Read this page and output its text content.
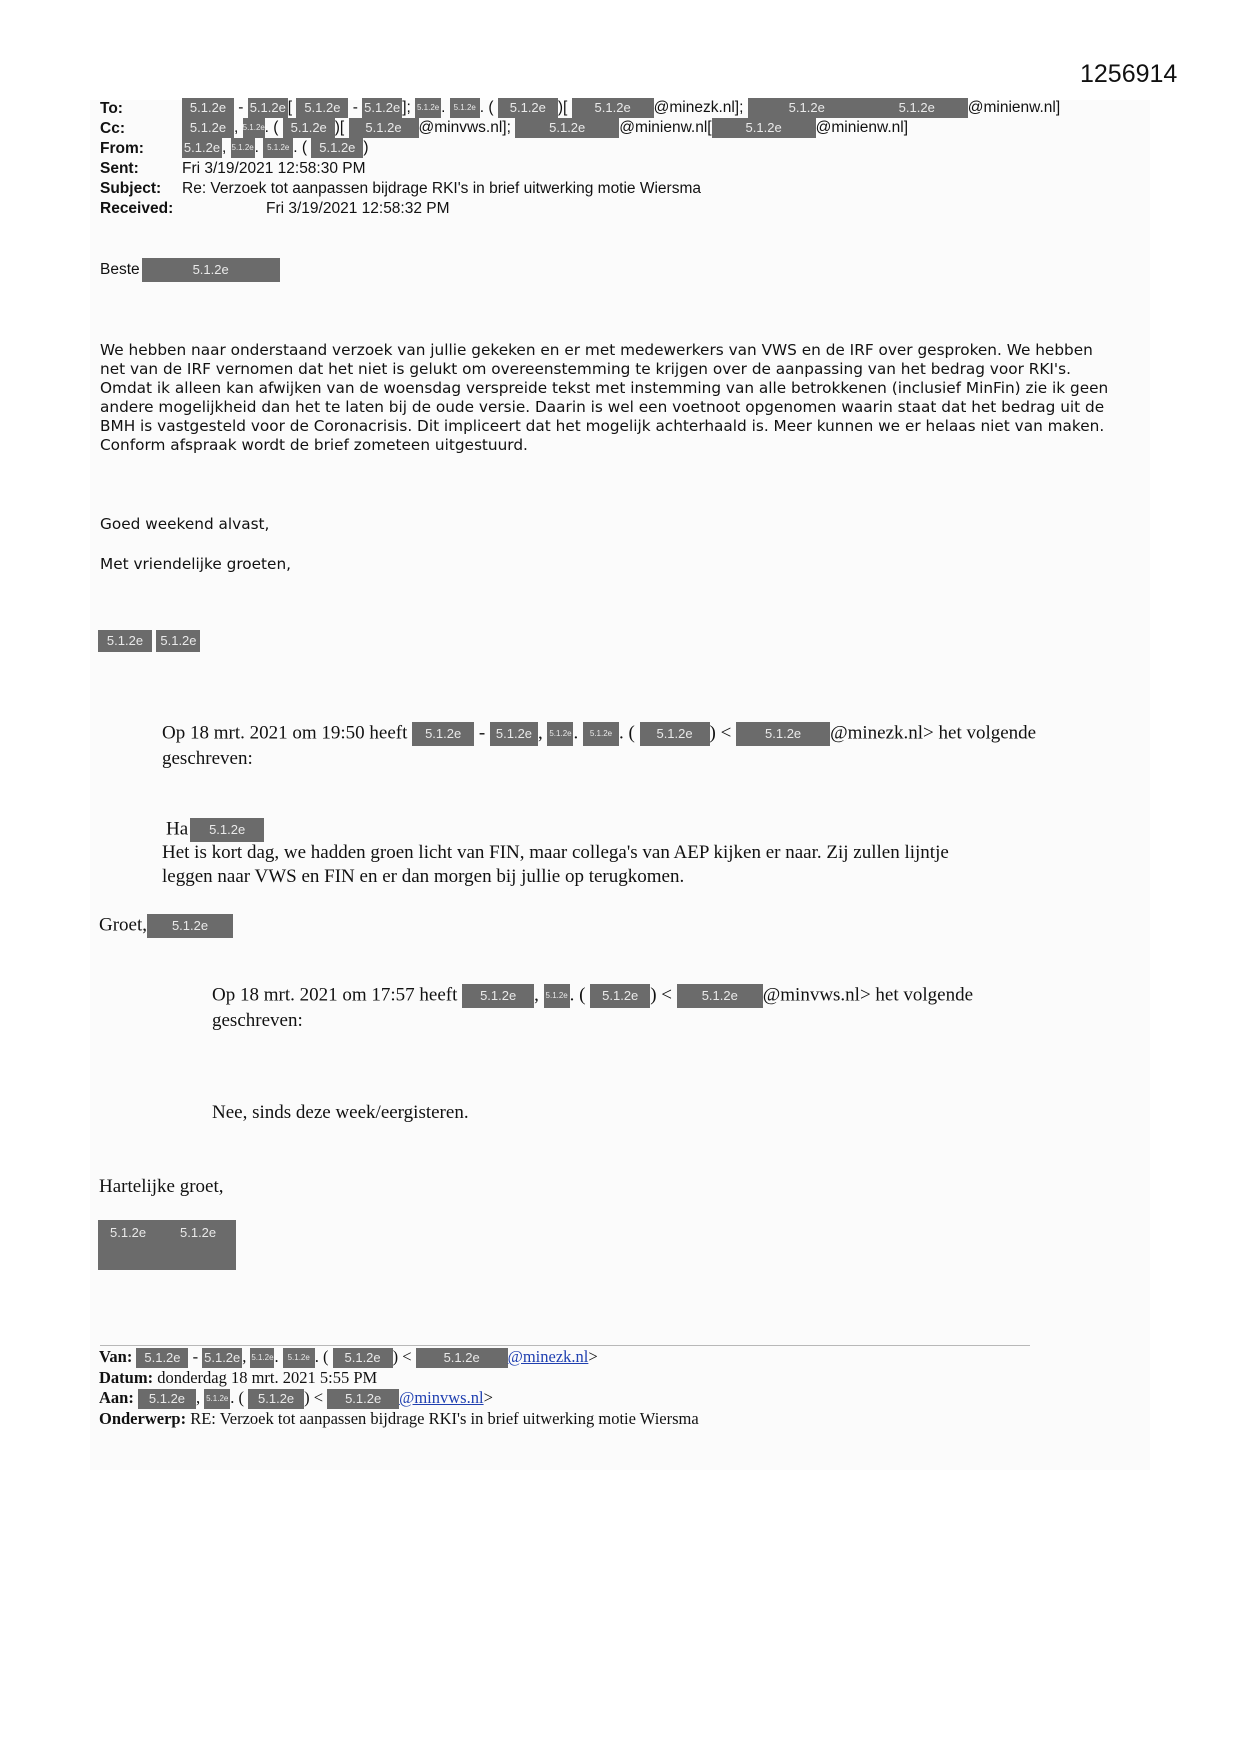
1256914
To:	5.1.2e - 5.1.2e [ 5.1.2e - 5.1.2e ]; 5.1.2e . 5.1.2e . ( 5.1.2e )[ 5.1.2e @minezk.nl];	5.1.2e	5.1.2e @minienw.nl]
Cc:	5.1.2e , 5.1.2e. ( 5.1.2e )[ 5.1.2e @minvws.nl];	5.1.2e @minienw.nl[	5.1.2e @minienw.nl]
From:	5.1.2e , 5.1.2e. 5.1.2e . ( 5.1.2e )
Sent:	Fri 3/19/2021 12:58:30 PM
Subject: Re: Verzoek tot aanpassen bijdrage RKI's in brief uitwerking motie Wiersma
Received:	Fri 3/19/2021 12:58:32 PM
Beste	5.1.2e
We hebben naar onderstaand verzoek van jullie gekeken en er met medewerkers van VWS en de IRF over gesproken. We hebben
net van de IRF vernomen dat het niet is gelukt om overeenstemming te krijgen over de aanpassing van het bedrag voor RKI's.
Omdat ik alleen kan afwijken van de woensdag verspreide tekst met instemming van alle betrokkenen (inclusief MinFin) zie ik geen
andere mogelijkheid dan het te laten bij de oude versie. Daarin is wel een voetnoot opgenomen waarin staat dat het bedrag uit de
BMH is vastgesteld voor de Coronacrisis. Dit impliceert dat het mogelijk achterhaald is. Meer kunnen we er helaas niet van maken.
Conform afspraak wordt de brief zometeen uitgestuurd.
Goed weekend alvast,
Met vriendelijke groeten,
5.1.2e 5.1.2e
Op 18 mrt. 2021 om 19:50 heeft 5.1.2e - 5.1.2e , 5.1.2e. 5.1.2e . ( 5.1.2e ) < 5.1.2e @minezk.nl> het volgende
geschreven:
Ha 5.1.2e
Het is kort dag, we hadden groen licht van FIN, maar collega's van AEP kijken er naar. Zij zullen lijntje
leggen naar VWS en FIN en er dan morgen bij jullie op terugkomen.
Groet, 5.1.2e
Op 18 mrt. 2021 om 17:57 heeft 5.1.2e , 5.1.2e. ( 5.1.2e ) < 5.1.2e @minvws.nl> het volgende
geschreven:
Nee, sinds deze week/eergisteren.
Hartelijke groet,
5.1.2e	5.1.2e
Van: 5.1.2e - 5.1.2e , 5.1.2e. 5.1.2e . ( 5.1.2e ) < 5.1.2e @minezk.nl>
Datum: donderdag 18 mrt. 2021 5:55 PM
Aan: 5.1.2e , 5.1.2e . ( 5.1.2e ) < 5.1.2e @minvws.nl>
Onderwerp: RE: Verzoek tot aanpassen bijdrage RKI's in brief uitwerking motie Wiersma
